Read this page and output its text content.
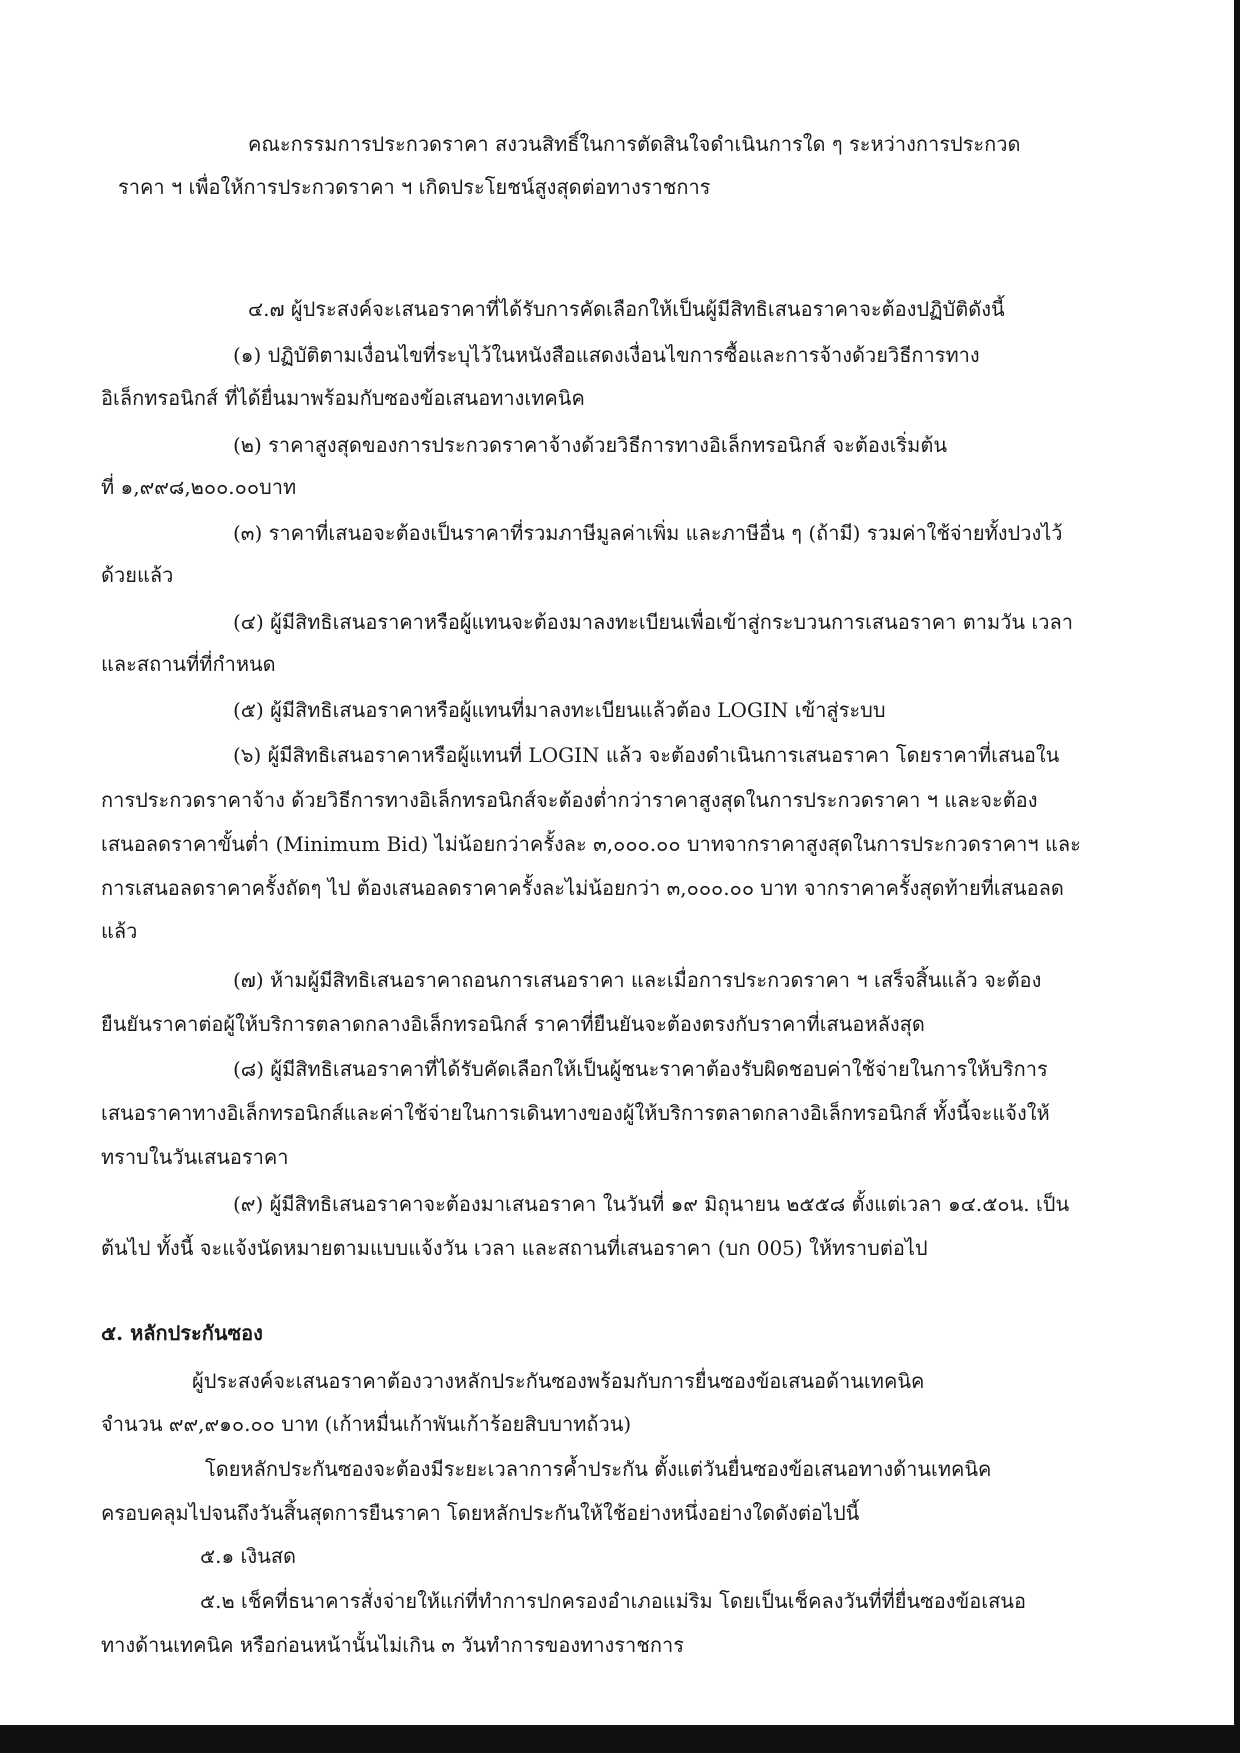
คณะกรรมการประกวดราคา สงวนสิทธิ์ในการตัดสินใจดำเนินการใด ๆ ระหว่างการประกวด
ราคา ฯ เพื่อให้การประกวดราคา ฯ เกิดประโยชน์สูงสุดต่อทางราชการ
๔.๗ ผู้ประสงค์จะเสนอราคาที่ได้รับการคัดเลือกให้เป็นผู้มีสิทธิเสนอราคาจะต้องปฏิบัติดังนี้
(๑) ปฏิบัติตามเงื่อนไขที่ระบุไว้ในหนังสือแสดงเงื่อนไขการซื้อและการจ้างด้วยวิธีการทาง
อิเล็กทรอนิกส์ ที่ได้ยื่นมาพร้อมกับซองข้อเสนอทางเทคนิค
(๒) ราคาสูงสุดของการประกวดราคาจ้างด้วยวิธีการทางอิเล็กทรอนิกส์ จะต้องเริ่มต้น
ที่ ๑,๙๙๘,๒๐๐.๐๐บาท
(๓) ราคาที่เสนอจะต้องเป็นราคาที่รวมภาษีมูลค่าเพิ่ม และภาษีอื่น ๆ (ถ้ามี) รวมค่าใช้จ่ายทั้งปวงไว้
ด้วยแล้ว
(๔) ผู้มีสิทธิเสนอราคาหรือผู้แทนจะต้องมาลงทะเบียนเพื่อเข้าสู่กระบวนการเสนอราคา ตามวัน เวลา
และสถานที่ที่กำหนด
(๕) ผู้มีสิทธิเสนอราคาหรือผู้แทนที่มาลงทะเบียนแล้วต้อง LOGIN เข้าสู่ระบบ
(๖) ผู้มีสิทธิเสนอราคาหรือผู้แทนที่ LOGIN แล้ว จะต้องดำเนินการเสนอราคา โดยราคาที่เสนอใน
การประกวดราคาจ้าง ด้วยวิธีการทางอิเล็กทรอนิกส์จะต้องต่ำกว่าราคาสูงสุดในการประกวดราคา ฯ และจะต้อง
เสนอลดราคาขั้นต่ำ (Minimum Bid) ไม่น้อยกว่าครั้งละ ๓,๐๐๐.๐๐ บาทจากราคาสูงสุดในการประกวดราคาฯ และ
การเสนอลดราคาครั้งถัดๆ ไป ต้องเสนอลดราคาครั้งละไม่น้อยกว่า ๓,๐๐๐.๐๐ บาท จากราคาครั้งสุดท้ายที่เสนอลด
แล้ว
(๗) ห้ามผู้มีสิทธิเสนอราคาถอนการเสนอราคา และเมื่อการประกวดราคา ฯ เสร็จสิ้นแล้ว จะต้อง
ยืนยันราคาต่อผู้ให้บริการตลาดกลางอิเล็กทรอนิกส์ ราคาที่ยืนยันจะต้องตรงกับราคาที่เสนอหลังสุด
(๘) ผู้มีสิทธิเสนอราคาที่ได้รับคัดเลือกให้เป็นผู้ชนะราคาต้องรับผิดชอบค่าใช้จ่ายในการให้บริการ
เสนอราคาทางอิเล็กทรอนิกส์และค่าใช้จ่ายในการเดินทางของผู้ให้บริการตลาดกลางอิเล็กทรอนิกส์ ทั้งนี้จะแจ้งให้
ทราบในวันเสนอราคา
(๙) ผู้มีสิทธิเสนอราคาจะต้องมาเสนอราคา ในวันที่ ๑๙ มิถุนายน ๒๕๕๘ ตั้งแต่เวลา ๑๔.๕๐น. เป็น
ต้นไป ทั้งนี้ จะแจ้งนัดหมายตามแบบแจ้งวัน เวลา และสถานที่เสนอราคา (บก 005) ให้ทราบต่อไป
๕. หลักประกันซอง
ผู้ประสงค์จะเสนอราคาต้องวางหลักประกันซองพร้อมกับการยื่นซองข้อเสนอด้านเทคนิค
จำนวน ๙๙,๙๑๐.๐๐ บาท (เก้าหมื่นเก้าพันเก้าร้อยสิบบาทถ้วน)
โดยหลักประกันซองจะต้องมีระยะเวลาการค้ำประกัน ตั้งแต่วันยื่นซองข้อเสนอทางด้านเทคนิค
ครอบคลุมไปจนถึงวันสิ้นสุดการยืนราคา โดยหลักประกันให้ใช้อย่างหนึ่งอย่างใดดังต่อไปนี้
๕.๑ เงินสด
๕.๒ เช็คที่ธนาคารสั่งจ่ายให้แก่ที่ทำการปกครองอำเภอแม่ริม โดยเป็นเช็คลงวันที่ที่ยื่นซองข้อเสนอ
ทางด้านเทคนิค หรือก่อนหน้านั้นไม่เกิน ๓ วันทำการของทางราชการ
